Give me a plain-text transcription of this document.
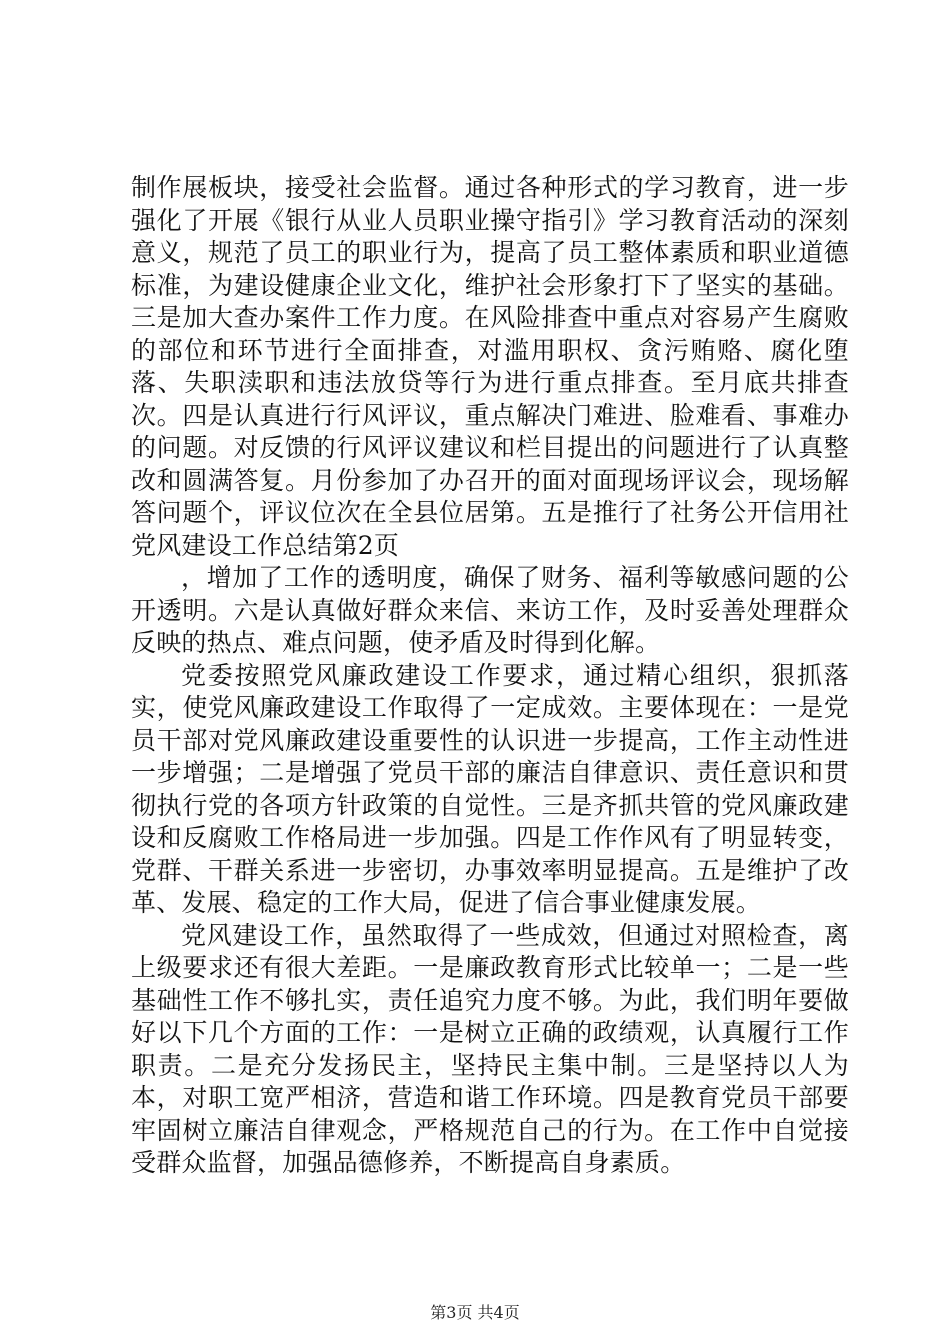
制作展板块，接受社会监督。通过各种形式的学习教育，进一步强化了开展《银行从业人员职业操守指引》学习教育活动的深刻意义，规范了员工的职业行为，提高了员工整体素质和职业道德标准，为建设健康企业文化，维护社会形象打下了坚实的基础。三是加大查办案件工作力度。在风险排查中重点对容易产生腐败的部位和环节进行全面排查，对滥用职权、贪污贿赂、腐化堕落、失职渎职和违法放贷等行为进行重点排查。至月底共排查次。四是认真进行行风评议，重点解决门难进、脸难看、事难办的问题。对反馈的行风评议建议和栏目提出的问题进行了认真整改和圆满答复。月份参加了办召开的面对面现场评议会，现场解答问题个，评议位次在全县位居第。五是推行了社务公开信用社党风建设工作总结第2页

，增加了工作的透明度，确保了财务、福利等敏感问题的公开透明。六是认真做好群众来信、来访工作，及时妥善处理群众反映的热点、难点问题，使矛盾及时得到化解。

党委按照党风廉政建设工作要求，通过精心组织，狠抓落实，使党风廉政建设工作取得了一定成效。主要体现在：一是党员干部对党风廉政建设重要性的认识进一步提高，工作主动性进一步增强；二是增强了党员干部的廉洁自律意识、责任意识和贯彻执行党的各项方针政策的自觉性。三是齐抓共管的党风廉政建设和反腐败工作格局进一步加强。四是工作作风有了明显转变，党群、干群关系进一步密切，办事效率明显提高。五是维护了改革、发展、稳定的工作大局，促进了信合事业健康发展。

党风建设工作，虽然取得了一些成效，但通过对照检查，离上级要求还有很大差距。一是廉政教育形式比较单一；二是一些基础性工作不够扎实，责任追究力度不够。为此，我们明年要做好以下几个方面的工作：一是树立正确的政绩观，认真履行工作职责。二是充分发扬民主，坚持民主集中制。三是坚持以人为本，对职工宽严相济，营造和谐工作环境。四是教育党员干部要牢固树立廉洁自律观念，严格规范自己的行为。在工作中自觉接受群众监督，加强品德修养，不断提高自身素质。

第3页 共4页
